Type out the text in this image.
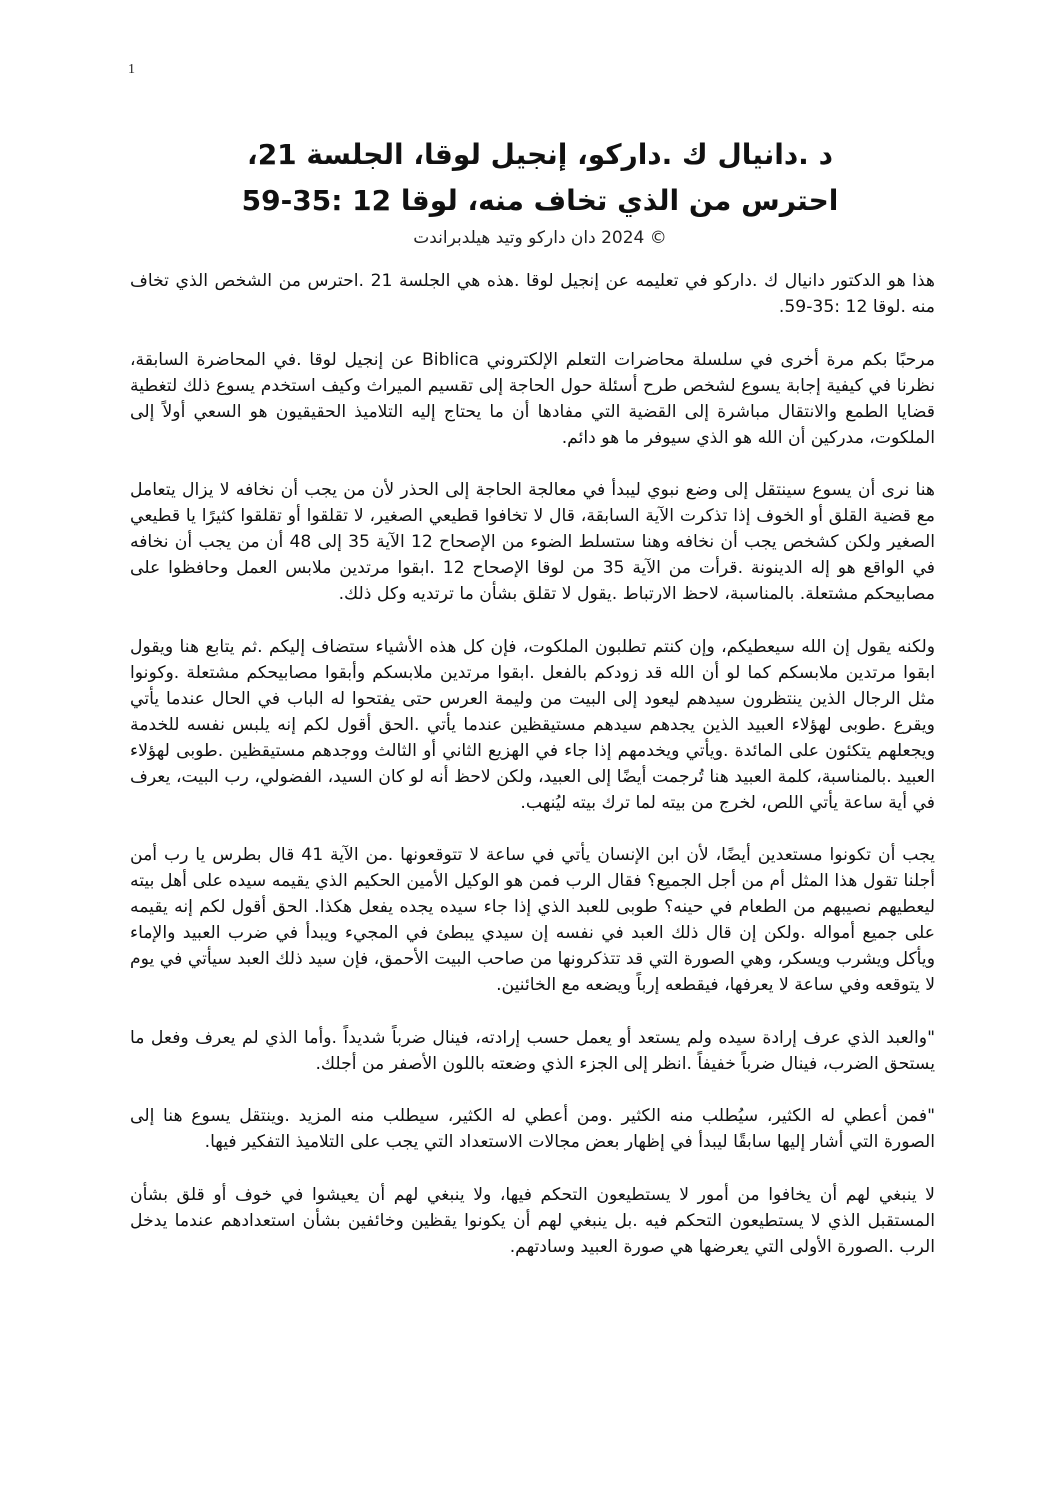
1
د .دانيال ك .داركو، إنجيل لوقا، الجلسة 21،
احترس من الذي تخاف منه، لوقا 12 :35-59
© 2024 دان داركو وتيد هيلدبراندت

هذا هو الدكتور دانيال ك .داركو في تعليمه عن إنجيل لوقا .هذه هي الجلسة 21 .احترس من الشخص الذي تخاف منه .لوقا 12 :35-59.

مرحبًا بكم مرة أخرى في سلسلة محاضرات التعلم الإلكتروني Biblica عن إنجيل لوقا .في المحاضرة السابقة، نظرنا في كيفية إجابة يسوع لشخص طرح أسئلة حول الحاجة إلى تقسيم الميراث وكيف استخدم يسوع ذلك لتغطية قضايا الطمع والانتقال مباشرة إلى القضية التي مفادها أن ما يحتاج إليه التلاميذ الحقيقيون هو السعي أولاً إلى الملكوت، مدركين أن الله هو الذي سيوفر ما هو دائم.

هنا نرى أن يسوع سينتقل إلى وضع نبوي ليبدأ في معالجة الحاجة إلى الحذر لأن من يجب أن نخافه لا يزال يتعامل مع قضية القلق أو الخوف إذا تذكرت الآية السابقة، قال لا تخافوا قطيعي الصغير، لا تقلقوا أو تقلقوا كثيرًا يا قطيعي الصغير ولكن كشخص يجب أن نخافه وهنا ستسلط الضوء من الإصحاح 12 الآية 35 إلى 48 أن من يجب أن نخافه في الواقع هو إله الدينونة .قرأت من الآية 35 من لوقا الإصحاح 12 .ابقوا مرتدين ملابس العمل وحافظوا على مصابيحكم مشتعلة. بالمناسبة، لاحظ الارتباط .يقول لا تقلق بشأن ما ترتديه وكل ذلك.

ولكنه يقول إن الله سيعطيكم، وإن كنتم تطلبون الملكوت، فإن كل هذه الأشياء ستضاف إليكم .ثم يتابع هنا ويقول ابقوا مرتدين ملابسكم كما لو أن الله قد زودكم بالفعل .ابقوا مرتدين ملابسكم وأبقوا مصابيحكم مشتعلة .وكونوا مثل الرجال الذين ينتظرون سيدهم ليعود إلى البيت من وليمة العرس حتى يفتحوا له الباب في الحال عندما يأتي ويقرع .طوبى لهؤلاء العبيد الذين يجدهم سيدهم مستيقظين عندما يأتي .الحق أقول لكم إنه يلبس نفسه للخدمة ويجعلهم يتكئون على المائدة .ويأتي ويخدمهم إذا جاء في الهزيع الثاني أو الثالث ووجدهم مستيقظين .طوبى لهؤلاء العبيد .بالمناسبة، كلمة العبيد هنا تُرجمت أيضًا إلى العبيد، ولكن لاحظ أنه لو كان السيد، الفضولي، رب البيت، يعرف في أية ساعة يأتي اللص، لخرج من بيته لما ترك بيته ليُنهب.

يجب أن تكونوا مستعدين أيضًا، لأن ابن الإنسان يأتي في ساعة لا تتوقعونها .من الآية 41 قال بطرس يا رب أمن أجلنا تقول هذا المثل أم من أجل الجميع؟ فقال الرب فمن هو الوكيل الأمين الحكيم الذي يقيمه سيده على أهل بيته ليعطيهم نصيبهم من الطعام في حينه؟ طوبى للعبد الذي إذا جاء سيده يجده يفعل هكذا. الحق أقول لكم إنه يقيمه على جميع أمواله .ولكن إن قال ذلك العبد في نفسه إن سيدي يبطئ في المجيء ويبدأ في ضرب العبيد والإماء ويأكل ويشرب ويسكر، وهي الصورة التي قد تتذكرونها من صاحب البيت الأحمق، فإن سيد ذلك العبد سيأتي في يوم لا يتوقعه وفي ساعة لا يعرفها، فيقطعه إرباً ويضعه مع الخائنين.

"والعبد الذي عرف إرادة سيده ولم يستعد أو يعمل حسب إرادته، فينال ضرباً شديداً .وأما الذي لم يعرف وفعل ما يستحق الضرب، فينال ضرباً خفيفاً .انظر إلى الجزء الذي وضعته باللون الأصفر من أجلك.

"فمن أعطي له الكثير، سيُطلب منه الكثير .ومن أعطي له الكثير، سيطلب منه المزيد .وينتقل يسوع هنا إلى الصورة التي أشار إليها سابقًا ليبدأ في إظهار بعض مجالات الاستعداد التي يجب على التلاميذ التفكير فيها.

لا ينبغي لهم أن يخافوا من أمور لا يستطيعون التحكم فيها، ولا ينبغي لهم أن يعيشوا في خوف أو قلق بشأن المستقبل الذي لا يستطيعون التحكم فيه .بل ينبغي لهم أن يكونوا يقظين وخائفين بشأن استعدادهم عندما يدخل الرب .الصورة الأولى التي يعرضها هي صورة العبيد وسادتهم.
